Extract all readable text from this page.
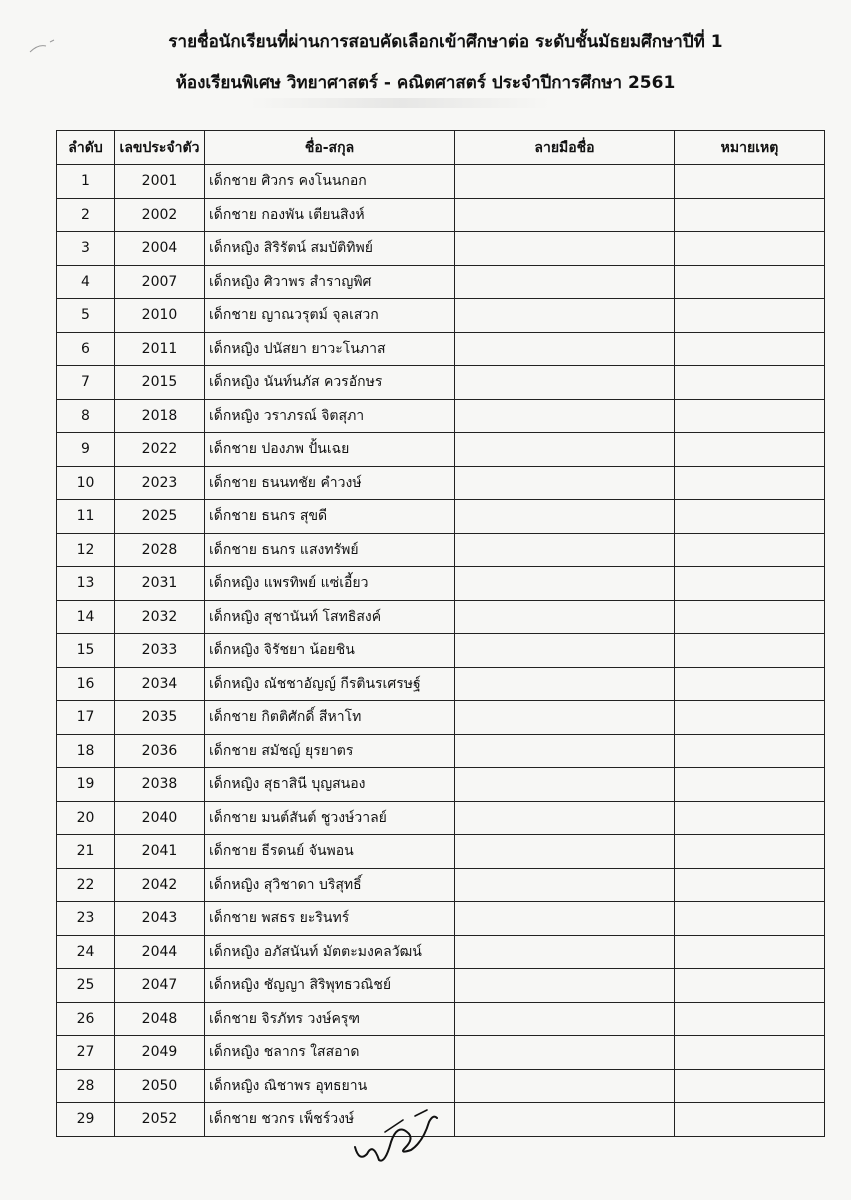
รายชื่อนักเรียนที่ผ่านการสอบคัดเลือกเข้าศึกษาต่อ ระดับชั้นมัธยมศึกษาปีที่ 1
ห้องเรียนพิเศษ วิทยาศาสตร์ - คณิตศาสตร์ ประจำปีการศึกษา 2561
ลำดับ	เลขประจำตัว	ชื่อ-สกุล	ลายมือชื่อ	หมายเหตุ
1	2001	เด็กชาย ศิวกร คงโนนกอก		
2	2002	เด็กชาย กองพัน เตียนสิงห์		
3	2004	เด็กหญิง สิริรัตน์ สมบัติทิพย์		
4	2007	เด็กหญิง ศิวาพร สำราญพิศ		
5	2010	เด็กชาย ญาณวรุตม์ จุลเสวก		
6	2011	เด็กหญิง ปนัสยา ยาวะโนภาส		
7	2015	เด็กหญิง นันท์นภัส ควรอักษร		
8	2018	เด็กหญิง วราภรณ์ จิตสุภา		
9	2022	เด็กชาย ปองภพ ปั้นเฉย		
10	2023	เด็กชาย ธนนทชัย คำวงษ์		
11	2025	เด็กชาย ธนกร สุขดี		
12	2028	เด็กชาย ธนกร แสงทรัพย์		
13	2031	เด็กหญิง แพรทิพย์ แซ่เอี้ยว		
14	2032	เด็กหญิง สุชานันท์ โสทธิสงค์		
15	2033	เด็กหญิง จิรัชยา น้อยชิน		
16	2034	เด็กหญิง ณัชชาอัญญ์ กีรตินรเศรษฐ์		
17	2035	เด็กชาย กิตติศักดิ์ สีหาโท		
18	2036	เด็กชาย สมัชญ์ ยุรยาตร		
19	2038	เด็กหญิง สุธาสินี บุญสนอง		
20	2040	เด็กชาย มนต์สันต์ ชูวงษ์วาลย์		
21	2041	เด็กชาย ธีรดนย์ จันพอน		
22	2042	เด็กหญิง สุวิชาดา บริสุทธิ์		
23	2043	เด็กชาย พสธร ยะรินทร์		
24	2044	เด็กหญิง อภัสนันท์ มัตตะมงคลวัฒน์		
25	2047	เด็กหญิง ชัญญา สิริพุทธวณิชย์		
26	2048	เด็กชาย จิรภัทร วงษ์ครุฑ		
27	2049	เด็กหญิง ชลากร ใสสอาด		
28	2050	เด็กหญิง ณิชาพร อุทธยาน		
29	2052	เด็กชาย ชวกร เพ็ชร์วงษ์		
